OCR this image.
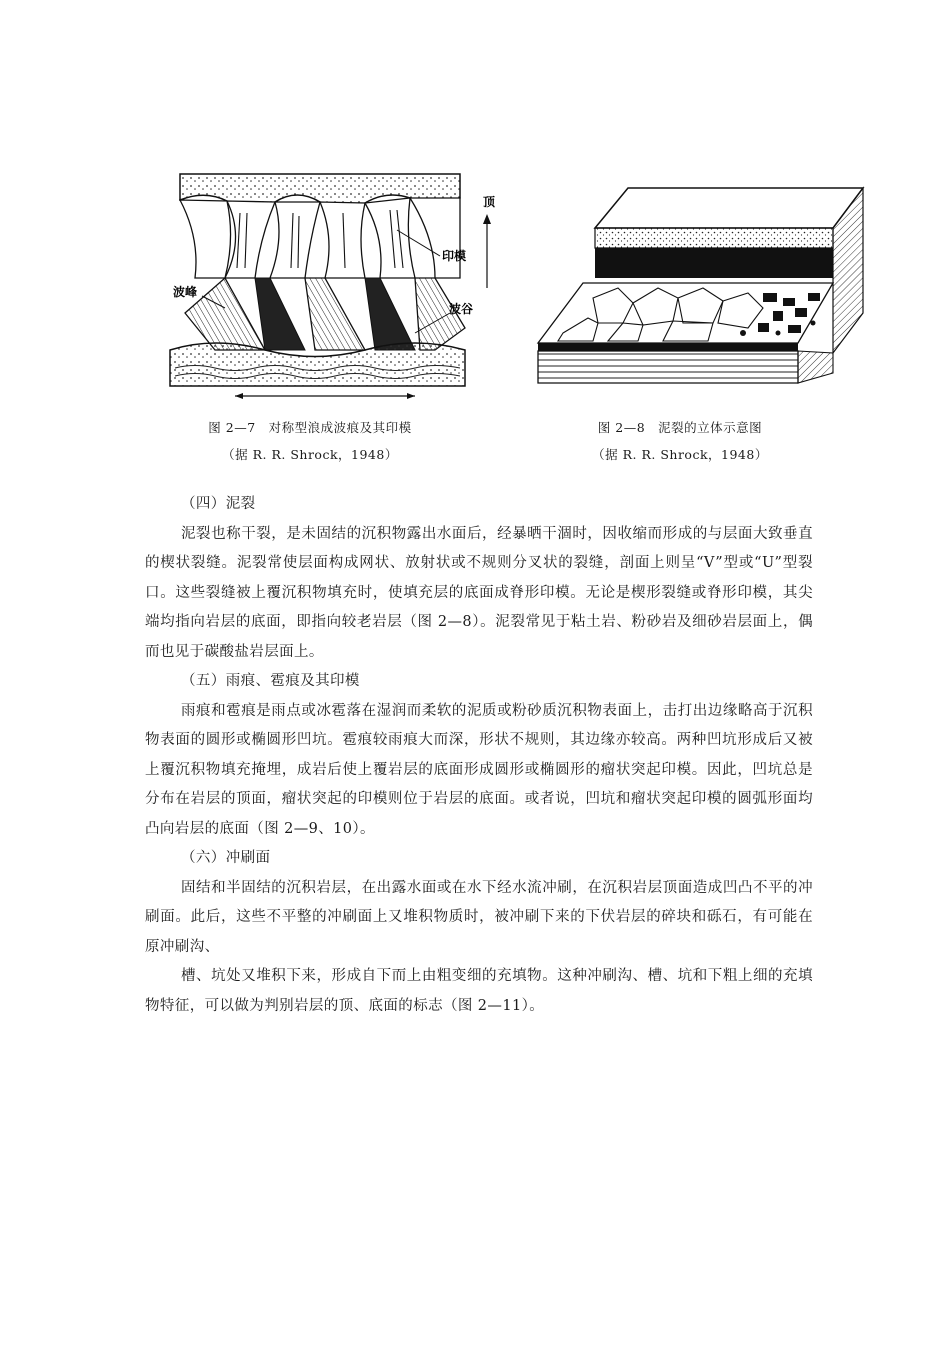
顶
印模
波峰
波谷
图 2—7　对称型浪成波痕及其印模
（据 R. R. Shrock，1948）
图 2—8　泥裂的立体示意图
（据 R. R. Shrock，1948）

（四）泥裂

泥裂也称干裂，是未固结的沉积物露出水面后，经暴晒干涸时，因收缩而形成的与层面大致垂直的楔状裂缝。泥裂常使层面构成网状、放射状或不规则分叉状的裂缝，剖面上则呈“V”型或“U”型裂口。这些裂缝被上覆沉积物填充时，使填充层的底面成脊形印模。无论是楔形裂缝或脊形印模，其尖端均指向岩层的底面，即指向较老岩层（图 2—8）。泥裂常见于粘土岩、粉砂岩及细砂岩层面上，偶而也见于碳酸盐岩层面上。

（五）雨痕、雹痕及其印模

雨痕和雹痕是雨点或冰雹落在湿润而柔软的泥质或粉砂质沉积物表面上，击打出边缘略高于沉积物表面的圆形或椭圆形凹坑。雹痕较雨痕大而深，形状不规则，其边缘亦较高。两种凹坑形成后又被上覆沉积物填充掩埋，成岩后使上覆岩层的底面形成圆形或椭圆形的瘤状突起印模。因此，凹坑总是分布在岩层的顶面，瘤状突起的印模则位于岩层的底面。或者说，凹坑和瘤状突起印模的圆弧形面均凸向岩层的底面（图 2—9、10）。

（六）冲刷面

固结和半固结的沉积岩层，在出露水面或在水下经水流冲刷，在沉积岩层顶面造成凹凸不平的冲刷面。此后，这些不平整的冲刷面上又堆积物质时，被冲刷下来的下伏岩层的碎块和砾石，有可能在原冲刷沟、

槽、坑处又堆积下来，形成自下而上由粗变细的充填物。这种冲刷沟、槽、坑和下粗上细的充填物特征，可以做为判别岩层的顶、底面的标志（图 2—11）。
